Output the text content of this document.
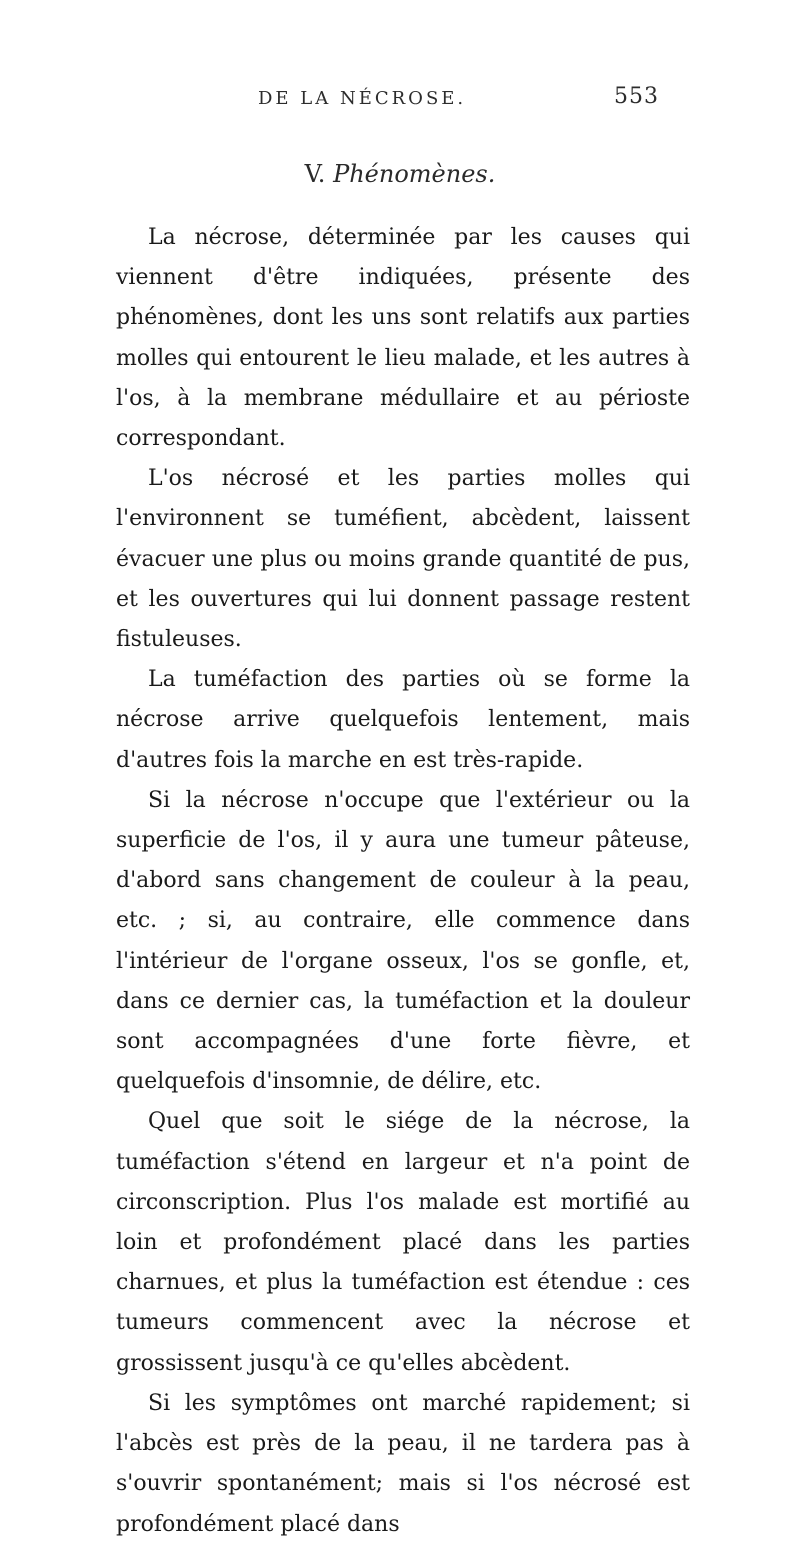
DE LA NÉCROSE.	553
V. Phénomènes.

La nécrose, déterminée par les causes qui viennent d'être indiquées, présente des phénomènes, dont les uns sont relatifs aux parties molles qui entourent le lieu malade, et les autres à l'os, à la membrane médullaire et au périoste correspondant.

L'os nécrosé et les parties molles qui l'environnent se tuméfient, abcèdent, laissent évacuer une plus ou moins grande quantité de pus, et les ouvertures qui lui donnent passage restent fistuleuses.

La tuméfaction des parties où se forme la nécrose arrive quelquefois lentement, mais d'autres fois la marche en est très-rapide.

Si la nécrose n'occupe que l'extérieur ou la superficie de l'os, il y aura une tumeur pâteuse, d'abord sans changement de couleur à la peau, etc. ; si, au contraire, elle commence dans l'intérieur de l'organe osseux, l'os se gonfle, et, dans ce dernier cas, la tuméfaction et la douleur sont accompagnées d'une forte fièvre, et quelquefois d'insomnie, de délire, etc.

Quel que soit le siége de la nécrose, la tuméfaction s'étend en largeur et n'a point de circonscription. Plus l'os malade est mortifié au loin et profondément placé dans les parties charnues, et plus la tuméfaction est étendue : ces tumeurs commencent avec la nécrose et grossissent jusqu'à ce qu'elles abcèdent.

Si les symptômes ont marché rapidement; si l'abcès est près de la peau, il ne tardera pas à s'ouvrir spontanément; mais si l'os nécrosé est profondément placé dans
